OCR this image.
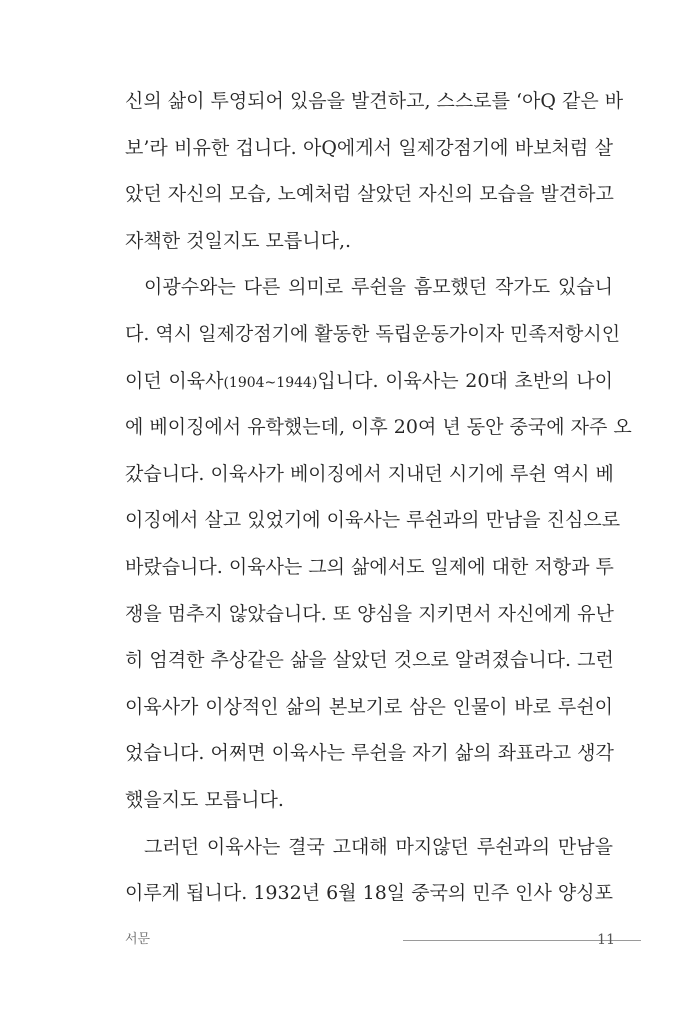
신의 삶이 투영되어 있음을 발견하고, 스스로를 ‘아Q 같은 바
보’라 비유한 겁니다. 아Q에게서 일제강점기에 바보처럼 살
았던 자신의 모습, 노예처럼 살았던 자신의 모습을 발견하고
자책한 것일지도 모릅니다,.
이광수와는 다른 의미로 루쉰을 흠모했던 작가도 있습니
다. 역시 일제강점기에 활동한 독립운동가이자 민족저항시인
이던 이육사(1904~1944)입니다. 이육사는 20대 초반의 나이
에 베이징에서 유학했는데, 이후 20여 년 동안 중국에 자주 오
갔습니다. 이육사가 베이징에서 지내던 시기에 루쉰 역시 베
이징에서 살고 있었기에 이육사는 루쉰과의 만남을 진심으로
바랐습니다. 이육사는 그의 삶에서도 일제에 대한 저항과 투
쟁을 멈추지 않았습니다. 또 양심을 지키면서 자신에게 유난
히 엄격한 추상같은 삶을 살았던 것으로 알려졌습니다. 그런
이육사가 이상적인 삶의 본보기로 삼은 인물이 바로 루쉰이
었습니다. 어쩌면 이육사는 루쉰을 자기 삶의 좌표라고 생각
했을지도 모릅니다.
그러던 이육사는 결국 고대해 마지않던 루쉰과의 만남을
이루게 됩니다. 1932년 6월 18일 중국의 민주 인사 양싱포
서문	11
